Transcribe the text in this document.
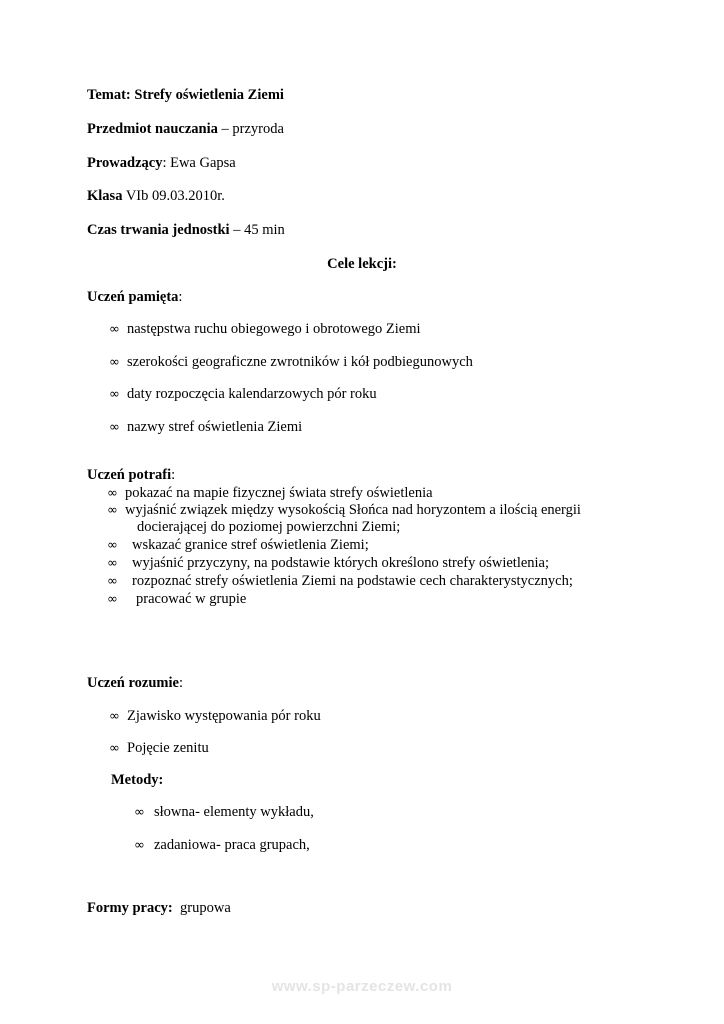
Temat: Strefy oświetlenia Ziemi
Przedmiot nauczania – przyroda
Prowadzący: Ewa Gapsa
Klasa VIb 09.03.2010r.
Czas trwania jednostki – 45 min
Cele lekcji:
Uczeń pamięta:
∞ następstwa ruchu obiegowego i obrotowego Ziemi
∞ szerokości geograficzne zwrotników i kół podbiegunowych
∞ daty rozpoczęcia kalendarzowych pór roku
∞ nazwy stref oświetlenia Ziemi
Uczeń potrafi:
∞ pokazać na mapie fizycznej świata strefy oświetlenia
∞ wyjaśnić związek między wysokością Słońca nad horyzontem a ilością energii
docierającej do poziomej powierzchni Ziemi;
∞ wskazać granice stref oświetlenia Ziemi;
∞ wyjaśnić przyczyny, na podstawie których określono strefy oświetlenia;
∞ rozpoznać strefy oświetlenia Ziemi na podstawie cech charakterystycznych;
∞ pracować w grupie
Uczeń rozumie:
∞ Zjawisko występowania pór roku
∞ Pojęcie zenitu
Metody:
∞ słowna- elementy wykładu,
∞ zadaniowa- praca grupach,
Formy pracy:  grupowa
www.sp-parzeczew.com
